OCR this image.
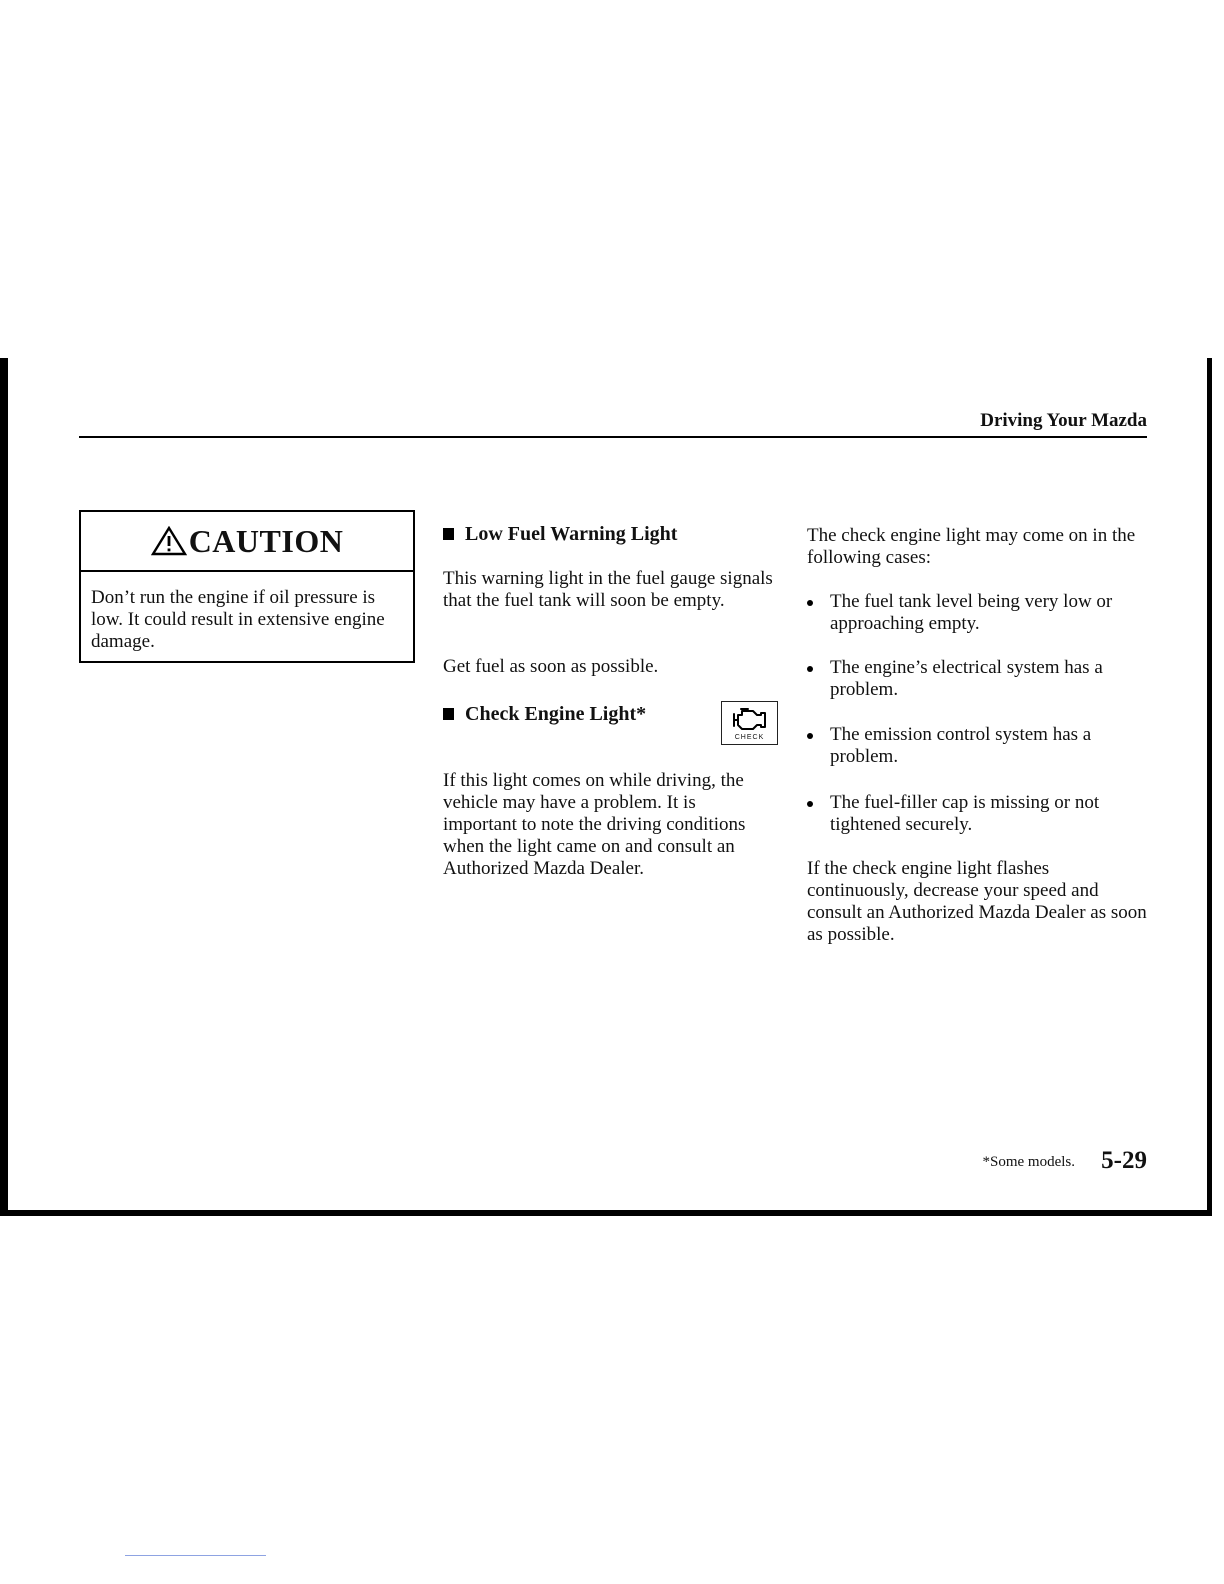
Driving Your Mazda
CAUTION
Don’t run the engine if oil pressure is low. It could result in extensive engine damage.
Low Fuel Warning Light
This warning light in the fuel gauge signals that the fuel tank will soon be empty.
Get fuel as soon as possible.
Check Engine Light*
CHECK
If this light comes on while driving, the vehicle may have a problem. It is important to note the driving conditions when the light came on and consult an Authorized Mazda Dealer.
The check engine light may come on in the following cases:
The fuel tank level being very low or approaching empty.
The engine’s electrical system has a problem.
The emission control system has a problem.
The fuel-filler cap is missing or not tightened securely.
If the check engine light flashes continuously, decrease your speed and consult an Authorized Mazda Dealer as soon as possible.
*Some models.	5-29
